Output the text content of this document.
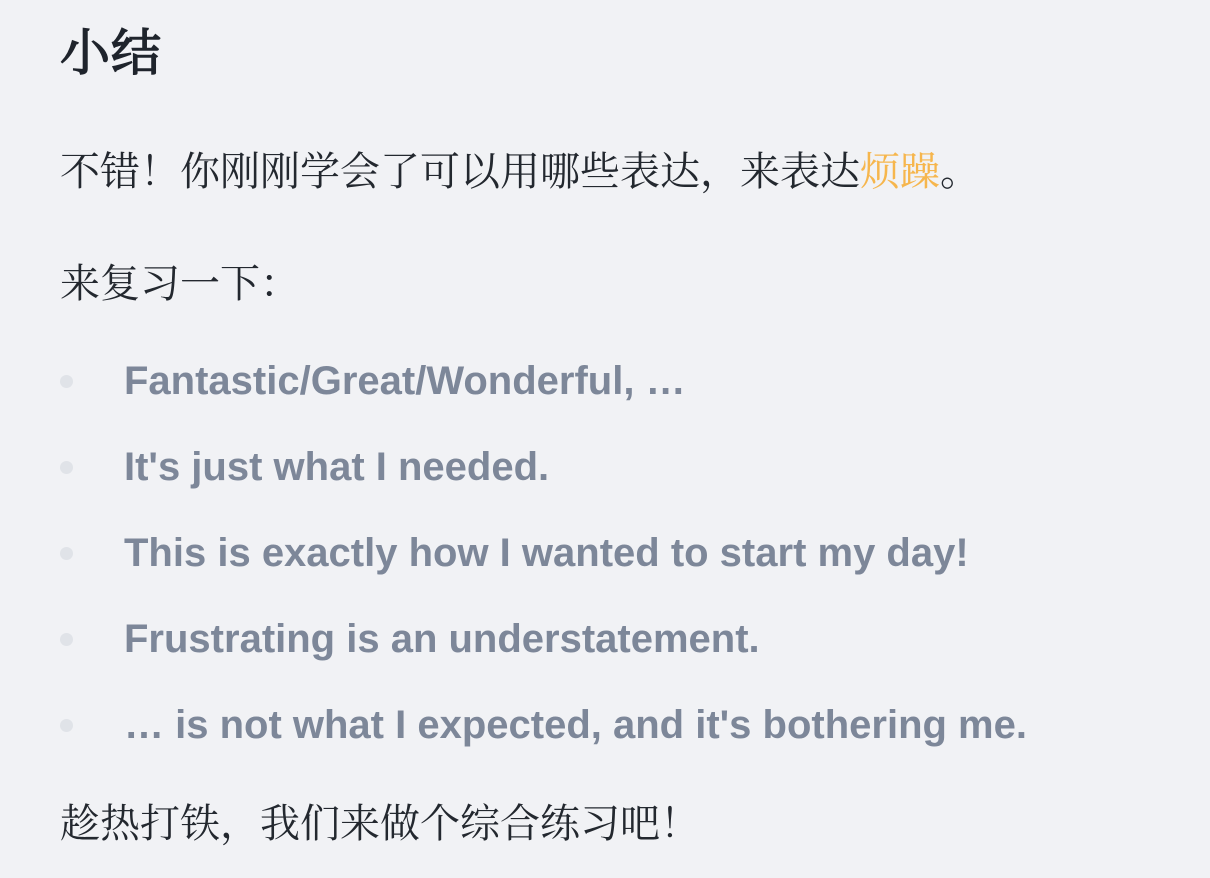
小结

不错！你刚刚学会了可以用哪些表达，来表达烦躁。

来复习一下：

Fantastic/Great/Wonderful, …
It's just what I needed.
This is exactly how I wanted to start my day!
Frustrating is an understatement.
… is not what I expected, and it's bothering me.

趁热打铁，我们来做个综合练习吧！
